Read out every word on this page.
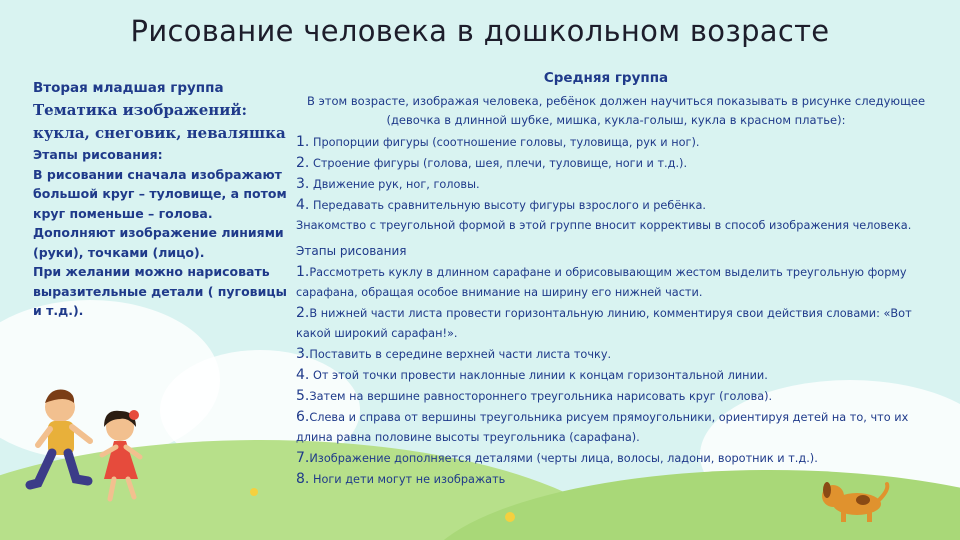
Рисование человека в дошкольном возрасте
Вторая младшая группа
Тематика изображений: кукла, снеговик, неваляшка
Этапы рисования:
В рисовании сначала изображают большой круг – туловище, а потом круг поменьше – голова. Дополняют изображение линиями (руки), точками (лицо).
При желании можно нарисовать выразительные детали ( пуговицы и т.д.).
Средняя группа
В этом возрасте, изображая человека, ребёнок должен научиться показывать в рисунке следующее (девочка в длинной шубке, мишка, кукла-голыш, кукла в красном платье):
1. Пропорции фигуры (соотношение головы, туловища, рук и ног).
2. Строение фигуры (голова, шея, плечи, туловище, ноги и т.д.).
3. Движение рук, ног, головы.
4. Передавать сравнительную высоту фигуры взрослого и ребёнка.
Знакомство с треугольной формой в этой группе вносит коррективы в способ изображения человека.
Этапы рисования
1.Рассмотреть куклу в длинном сарафане и обрисовывающим жестом выделить треугольную форму сарафана, обращая особое внимание на ширину его нижней части.
2.В нижней части листа провести горизонтальную линию, комментируя свои действия словами: «Вот какой широкий сарафан!».
3.Поставить в середине верхней части листа точку.
4. От этой точки провести наклонные линии к концам горизонтальной линии.
5.Затем на вершине равностороннего треугольника нарисовать круг (голова).
6.Слева и справа от вершины треугольника рисуем прямоугольники, ориентируя детей на то, что их длина равна половине высоты треугольника (сарафана).
7.Изображение дополняется деталями (черты лица, волосы, ладони, воротник и т.д.).
8. Ноги дети могут не изображать
